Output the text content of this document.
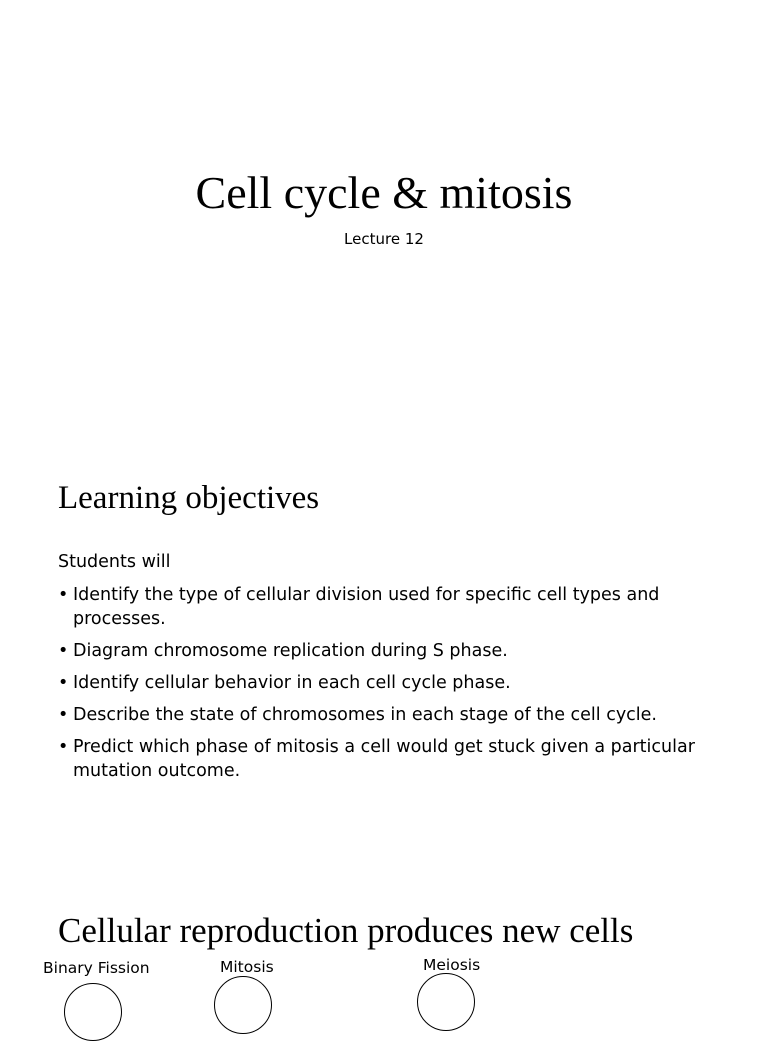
Cell cycle & mitosis
Lecture 12
Learning objectives
Students will
• Identify the type of cellular division used for specific cell types and processes.
• Diagram chromosome replication during S phase.
• Identify cellular behavior in each cell cycle phase.
• Describe the state of chromosomes in each stage of the cell cycle.
• Predict which phase of mitosis a cell would get stuck given a particular mutation outcome.
Cellular reproduction produces new cells
Binary Fission	Mitosis	Meiosis
